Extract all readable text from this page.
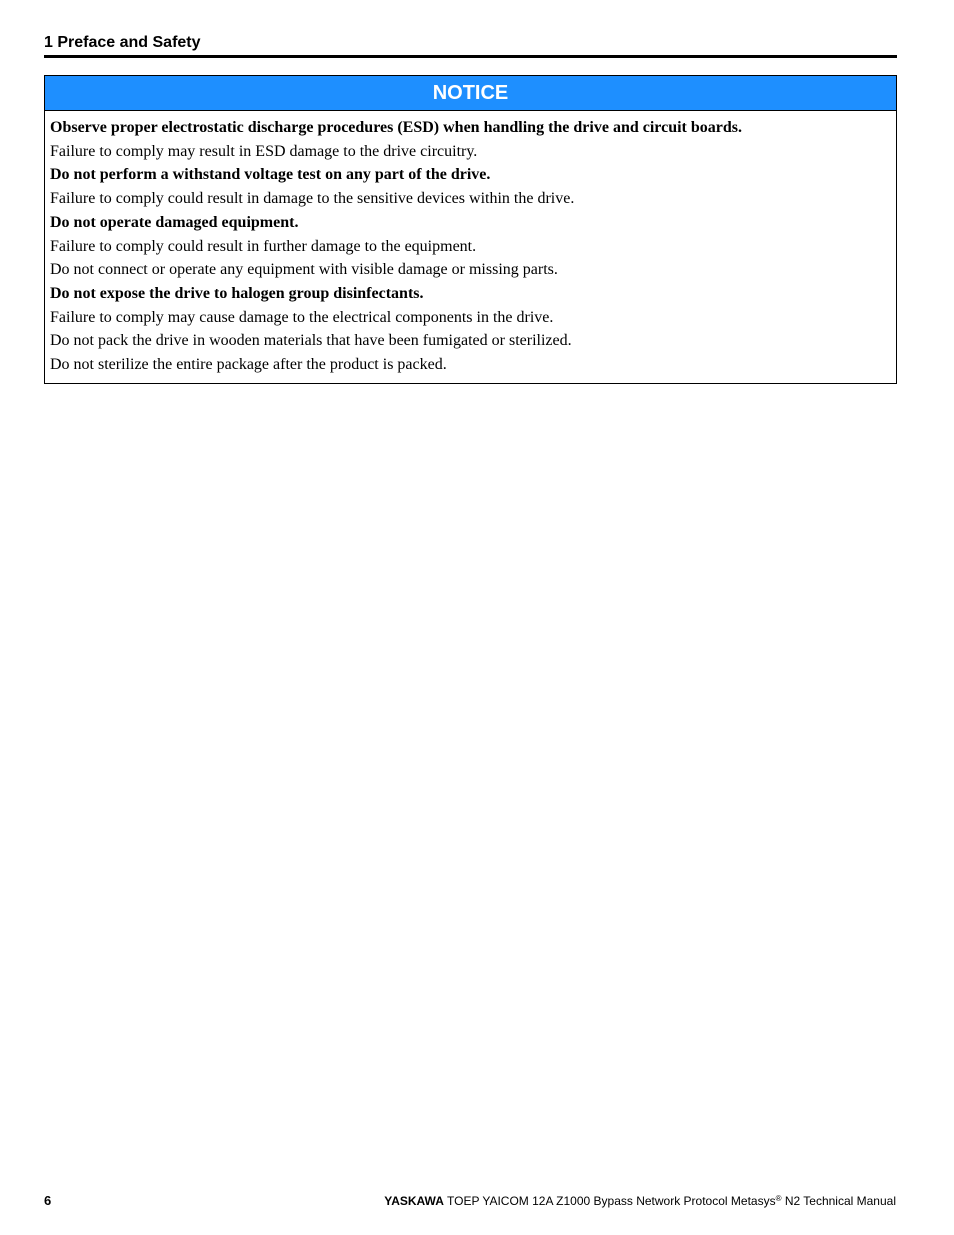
1 Preface and Safety
NOTICE
Observe proper electrostatic discharge procedures (ESD) when handling the drive and circuit boards.
Failure to comply may result in ESD damage to the drive circuitry.
Do not perform a withstand voltage test on any part of the drive.
Failure to comply could result in damage to the sensitive devices within the drive.
Do not operate damaged equipment.
Failure to comply could result in further damage to the equipment.
Do not connect or operate any equipment with visible damage or missing parts.
Do not expose the drive to halogen group disinfectants.
Failure to comply may cause damage to the electrical components in the drive.
Do not pack the drive in wooden materials that have been fumigated or sterilized.
Do not sterilize the entire package after the product is packed.
6	YASKAWA TOEP YAICOM 12A Z1000 Bypass Network Protocol Metasys® N2 Technical Manual
